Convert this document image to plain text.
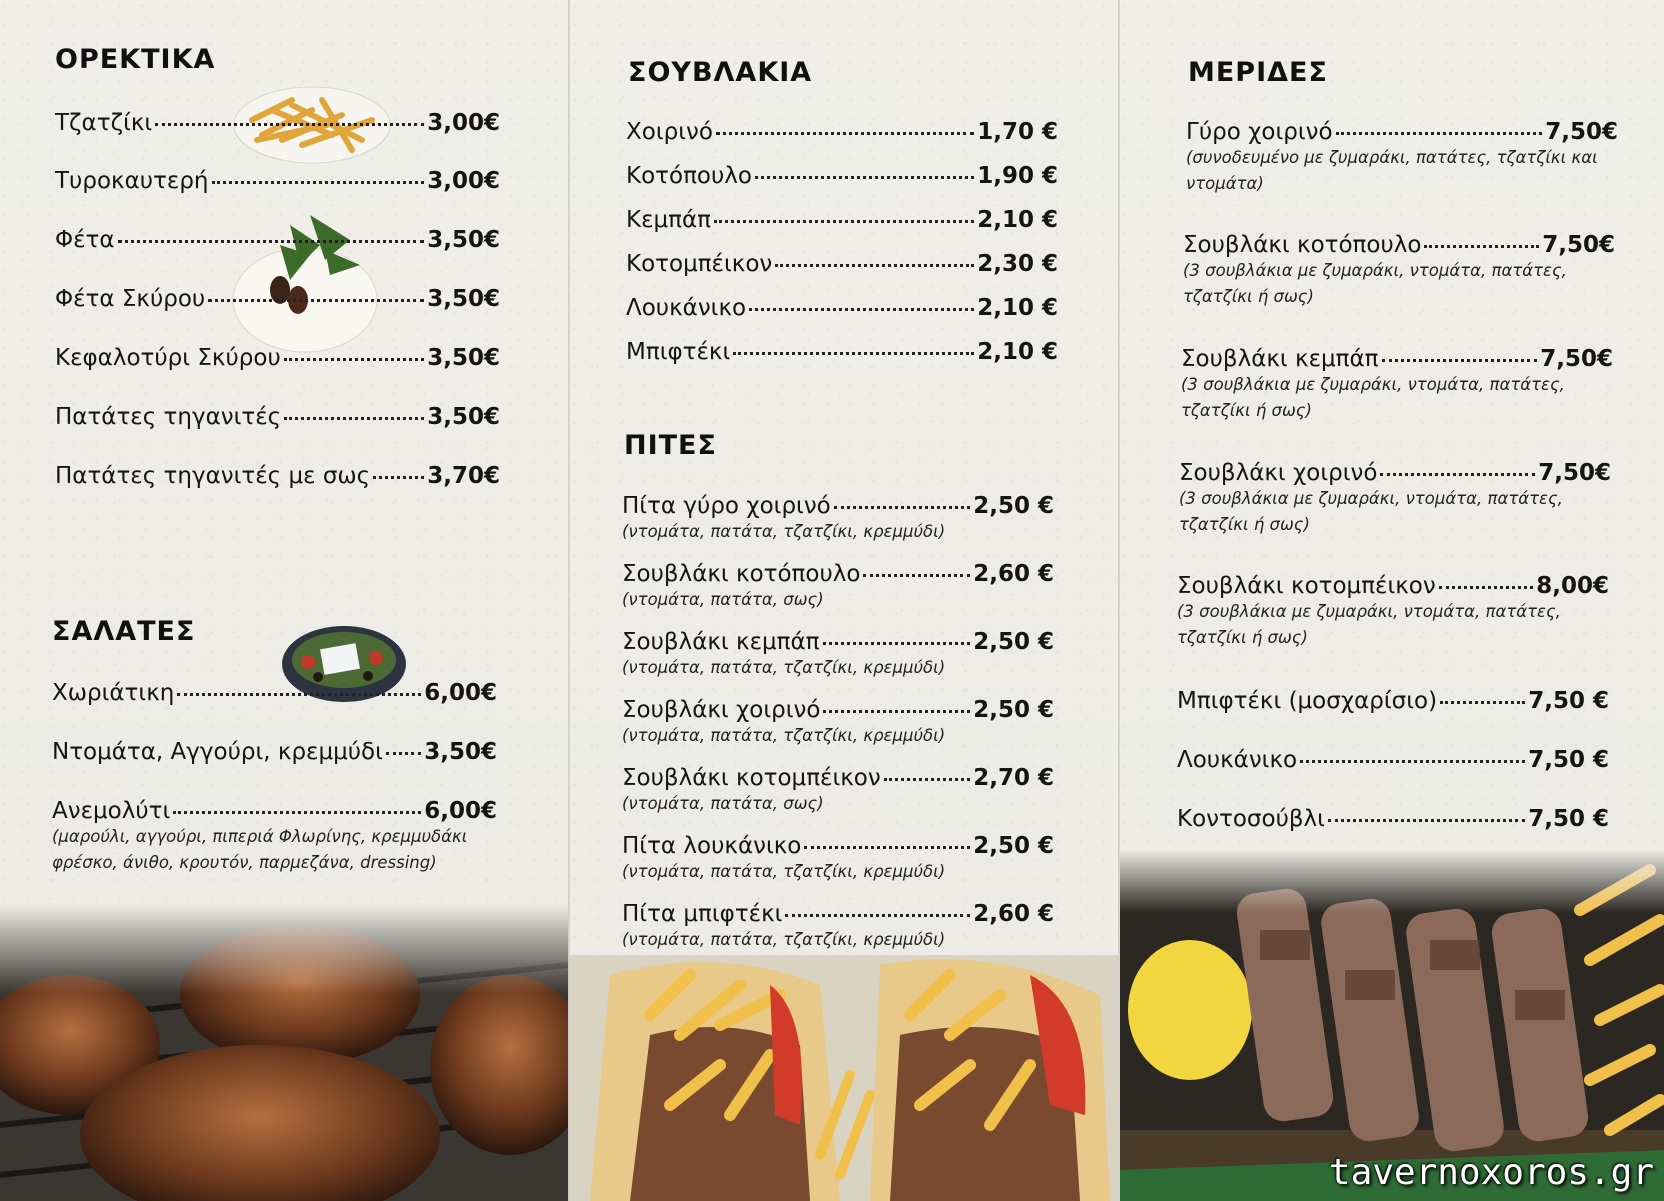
ΟΡΕΚΤΙΚΑ
Τζατζίκι	3,00€
Τυροκαυτερή	3,00€
Φέτα	3,50€
Φέτα Σκύρου	3,50€
Κεφαλοτύρι Σκύρου	3,50€
Πατάτες τηγανιτές	3,50€
Πατάτες τηγανιτές με σως 3,70€
ΣΑΛΑΤΕΣ
Χωριάτικη	6,00€
Ντομάτα, Αγγούρι, κρεμμύδι 3,50€
Ανεμολύτι	6,00€
(μαρούλι, αγγούρι, πιπεριά Φλωρίνης, κρεμμυδάκι φρέσκο, άνιθο, κρουτόν, παρμεζάνα, dressing)
ΣΟΥΒΛΑΚΙΑ
Χοιρινό	1,70 €
Κοτόπουλο	1,90 €
Κεμπάπ	2,10 €
Κοτομπέικον	2,30 €
Λουκάνικο	2,10 €
Μπιφτέκι	2,10 €
ΠΙΤΕΣ
Πίτα γύρο χοιρινό	2,50 €
(ντομάτα, πατάτα, τζατζίκι, κρεμμύδι)
Σουβλάκι κοτόπουλο	2,60 €
(ντομάτα, πατάτα, σως)
Σουβλάκι κεμπάπ	2,50 €
(ντομάτα, πατάτα, τζατζίκι, κρεμμύδι)
Σουβλάκι χοιρινό	2,50 €
(ντομάτα, πατάτα, τζατζίκι, κρεμμύδι)
Σουβλάκι κοτομπέικον	2,70 €
(ντομάτα, πατάτα, σως)
Πίτα λουκάνικο	2,50 €
(ντομάτα, πατάτα, τζατζίκι, κρεμμύδι)
Πίτα μπιφτέκι	2,60 €
(ντομάτα, πατάτα, τζατζίκι, κρεμμύδι)
ΜΕΡΙΔΕΣ
Γύρο χοιρινό	7,50€
(συνοδευμένο με ζυμαράκι, πατάτες, τζατζίκι και ντομάτα)
Σουβλάκι κοτόπουλο	7,50€
(3 σουβλάκια με ζυμαράκι, ντομάτα, πατάτες, τζατζίκι ή σως)
Σουβλάκι κεμπάπ	7,50€
(3 σουβλάκια με ζυμαράκι, ντομάτα, πατάτες, τζατζίκι ή σως)
Σουβλάκι χοιρινό	7,50€
(3 σουβλάκια με ζυμαράκι, ντομάτα, πατάτες, τζατζίκι ή σως)
Σουβλάκι κοτομπέικον	8,00€
(3 σουβλάκια με ζυμαράκι, ντομάτα, πατάτες, τζατζίκι ή σως)
Μπιφτέκι (μοσχαρίσιο)	7,50 €
Λουκάνικο	7,50 €
Κοντοσούβλι	7,50 €
tavernoxoros.gr
